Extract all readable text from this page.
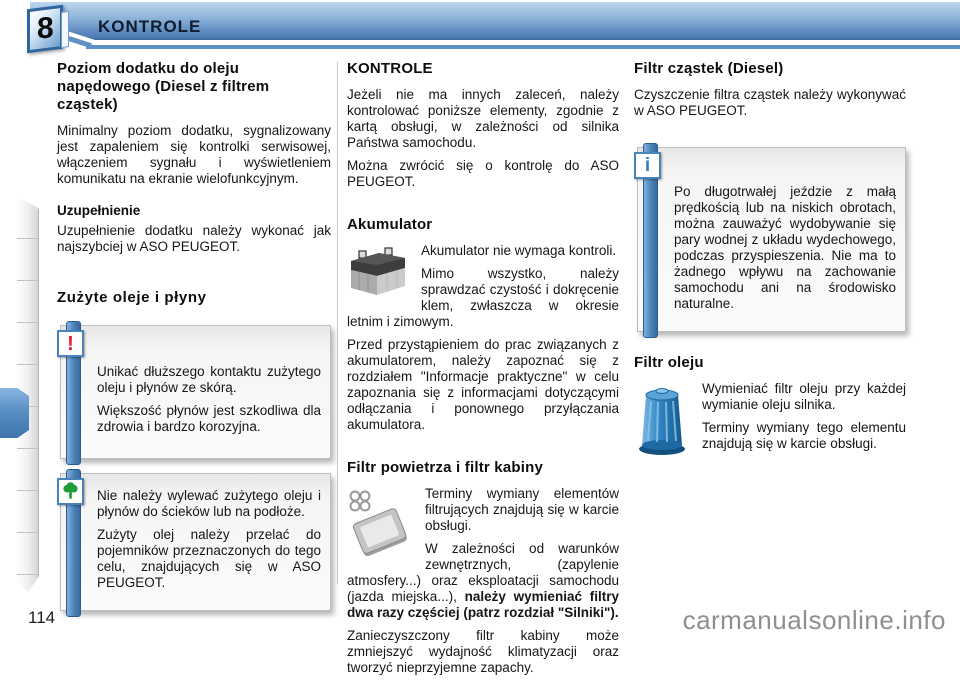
8	KONTROLE
Poziom dodatku do oleju napędowego (Diesel z filtrem cząstek)

Minimalny poziom dodatku, sygnalizowany jest zapaleniem się kontrolki serwisowej, włączeniem sygnału i wyświetleniem komunikatu na ekranie wielofunkcyjnym.

Uzupełnienie

Uzupełnienie dodatku należy wykonać jak najszybciej w ASO PEUGEOT.

Zużyte oleje i płyny
!

Unikać dłuższego kontaktu zużytego oleju i płynów ze skórą.

Większość płynów jest szkodliwa dla zdrowia i bardzo korozyjna.

Nie należy wylewać zużytego oleju i płynów do ścieków lub na podłoże.

Zużyty olej należy przelać do pojemników przeznaczonych do tego celu, znajdujących się w ASO PEUGEOT.

KONTROLE

Jeżeli nie ma innych zaleceń, należy kontrolować poniższe elementy, zgodnie z kartą obsługi, w zależności od silnika Państwa samochodu.

Można zwrócić się o kontrolę do ASO PEUGEOT.

Akumulator

Akumulator nie wymaga kontroli.

Mimo wszystko, należy sprawdzać czystość i dokręcenie klem, zwłaszcza w okresie letnim i zimowym.

Przed przystąpieniem do prac związanych z akumulatorem, należy zapoznać się z rozdziałem "Informacje praktyczne" w celu zapoznania się z informacjami dotyczącymi odłączania i ponownego przyłączania akumulatora.

Filtr powietrza i filtr kabiny

Terminy wymiany elementów filtrujących znajdują się w karcie obsługi.

W zależności od warunków zewnętrznych, (zapylenie atmosfery...) oraz eksploatacji samochodu (jazda miejska...), należy wymieniać filtry dwa razy częściej (patrz rozdział "Silniki").

Zanieczyszczony filtr kabiny może zmniejszyć wydajność klimatyzacji oraz tworzyć nieprzyjemne zapachy.

Filtr cząstek (Diesel)

Czyszczenie filtra cząstek należy wykonywać w ASO PEUGEOT.

i

Po długotrwałej jeździe z małą prędkością lub na niskich obrotach, można zauważyć wydobywanie się pary wodnej z układu wydechowego, podczas przyspieszenia. Nie ma to żadnego wpływu na zachowanie samochodu ani na środowisko naturalne.

Filtr oleju

Wymieniać filtr oleju przy każdej wymianie oleju silnika.

Terminy wymiany tego elementu znajdują się w karcie obsługi.

114	carmanualsonline.info
